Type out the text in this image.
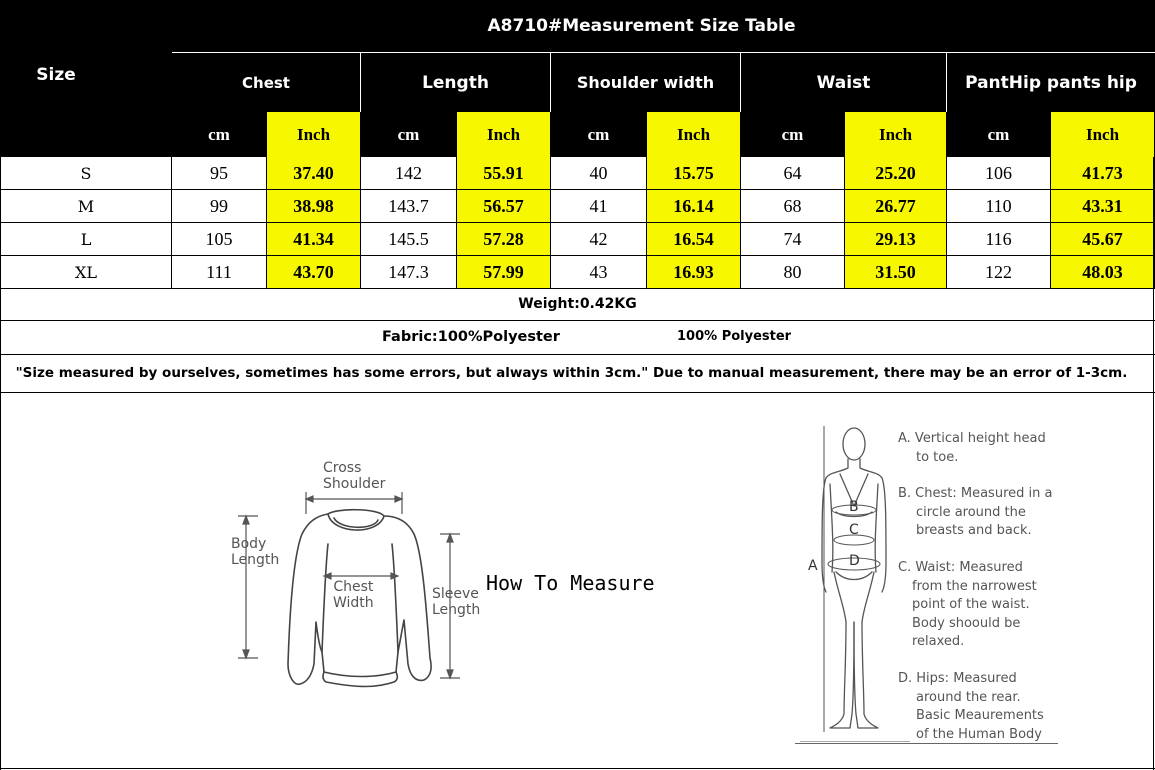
Size
A8710#Measurement Size Table
Chest	Length	Shoulder width	Waist	PantHip pants hip
cm	Inch	cm	Inch	cm	Inch	cm	Inch	cm	Inch
S	95	37.40	142	55.91	40	15.75	64	25.20	106	41.73
M	99	38.98	143.7	56.57	41	16.14	68	26.77	110	43.31
L	105	41.34	145.5	57.28	42	16.54	74	29.13	116	45.67
XL	111	43.70	147.3	57.99	43	16.93	80	31.50	122	48.03
Weight:0.42KG
Fabric:100%Polyester	100% Polyester
"Size measured by ourselves, sometimes has some errors, but always within 3cm." Due to manual measurement, there may be an error of 1-3cm.
Cross
Shoulder
Body
Length
Chest
Width
Sleeve
Length
How To Measure
A
B
C
D
A. Vertical height head
to toe.
B. Chest: Measured in a
circle around the
breasts and back.
C. Waist: Measured
from the narrowest
point of the waist.
Body shoould be
relaxed.
D. Hips: Measured
around the rear.
Basic Meaurements
of the Human Body
